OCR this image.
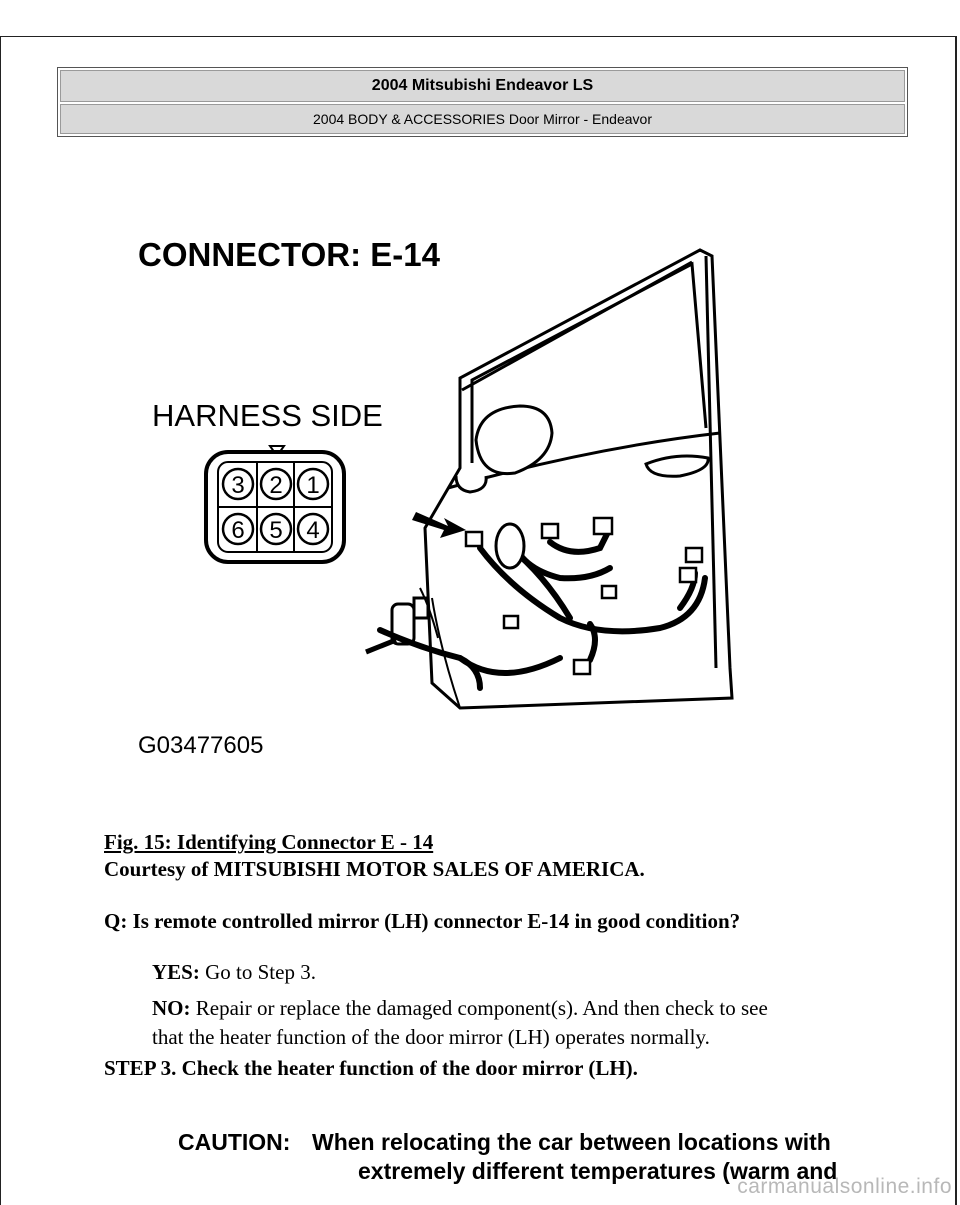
2004 Mitsubishi Endeavor LS
2004 BODY & ACCESSORIES Door Mirror - Endeavor
CONNECTOR: E-14
HARNESS SIDE
3 2 1
6 5 4
G03477605
Fig. 15: Identifying Connector E - 14
Courtesy of MITSUBISHI MOTOR SALES OF AMERICA.
Q: Is remote controlled mirror (LH) connector E-14 in good condition?
YES: Go to Step 3.
NO: Repair or replace the damaged component(s). And then check to see
that the heater function of the door mirror (LH) operates normally.
STEP 3. Check the heater function of the door mirror (LH).
CAUTION: When relocating the car between locations with
extremely different temperatures (warm and
carmanualsonline.info
